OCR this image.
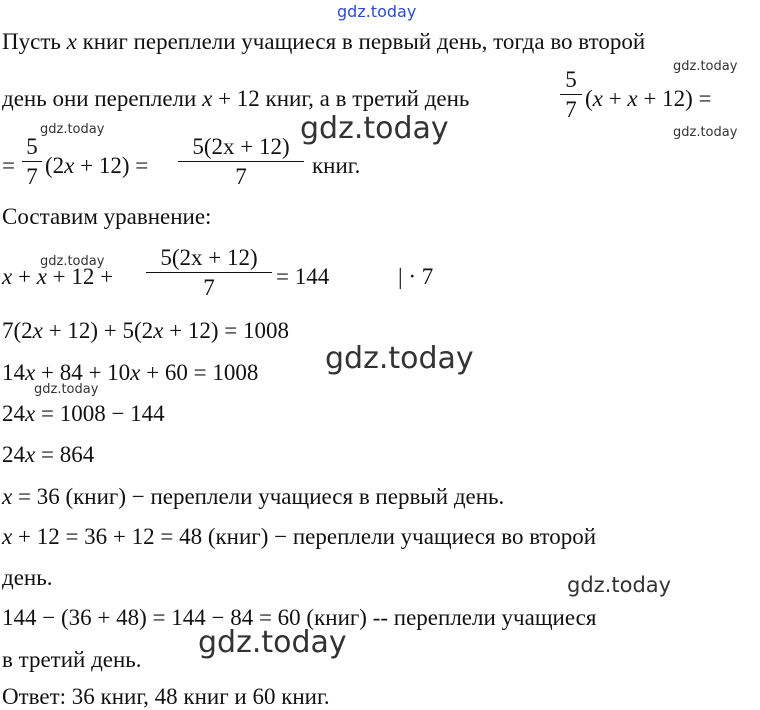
gdz.today
gdz.today
gdz.today	gdz.today	gdz.today
gdz.today
gdz.today
gdz.today
gdz.today
gdz.today
Пусть x книг переплели учащиеся в первый день, тогда во второй
день они переплели x + 12 книг, а в третий день
5
7 (x + x + 12) =
=
5
7 (2x + 12) =
5(2x + 12)
7	книг.
Составим уравнение:
x + x + 12 +
5(2x + 12)
7	= 144	| · 7
7(2x + 12) + 5(2x + 12) = 1008
14x + 84 + 10x + 60 = 1008
24x = 1008 − 144
24x = 864
x = 36 (книг) − переплели учащиеся в первый день.
x + 12 = 36 + 12 = 48 (книг) − переплели учащиеся во второй
день.
144 − (36 + 48) = 144 − 84 = 60 (книг) -- переплели учащиеся
в третий день.
Ответ: 36 книг, 48 книг и 60 книг.
